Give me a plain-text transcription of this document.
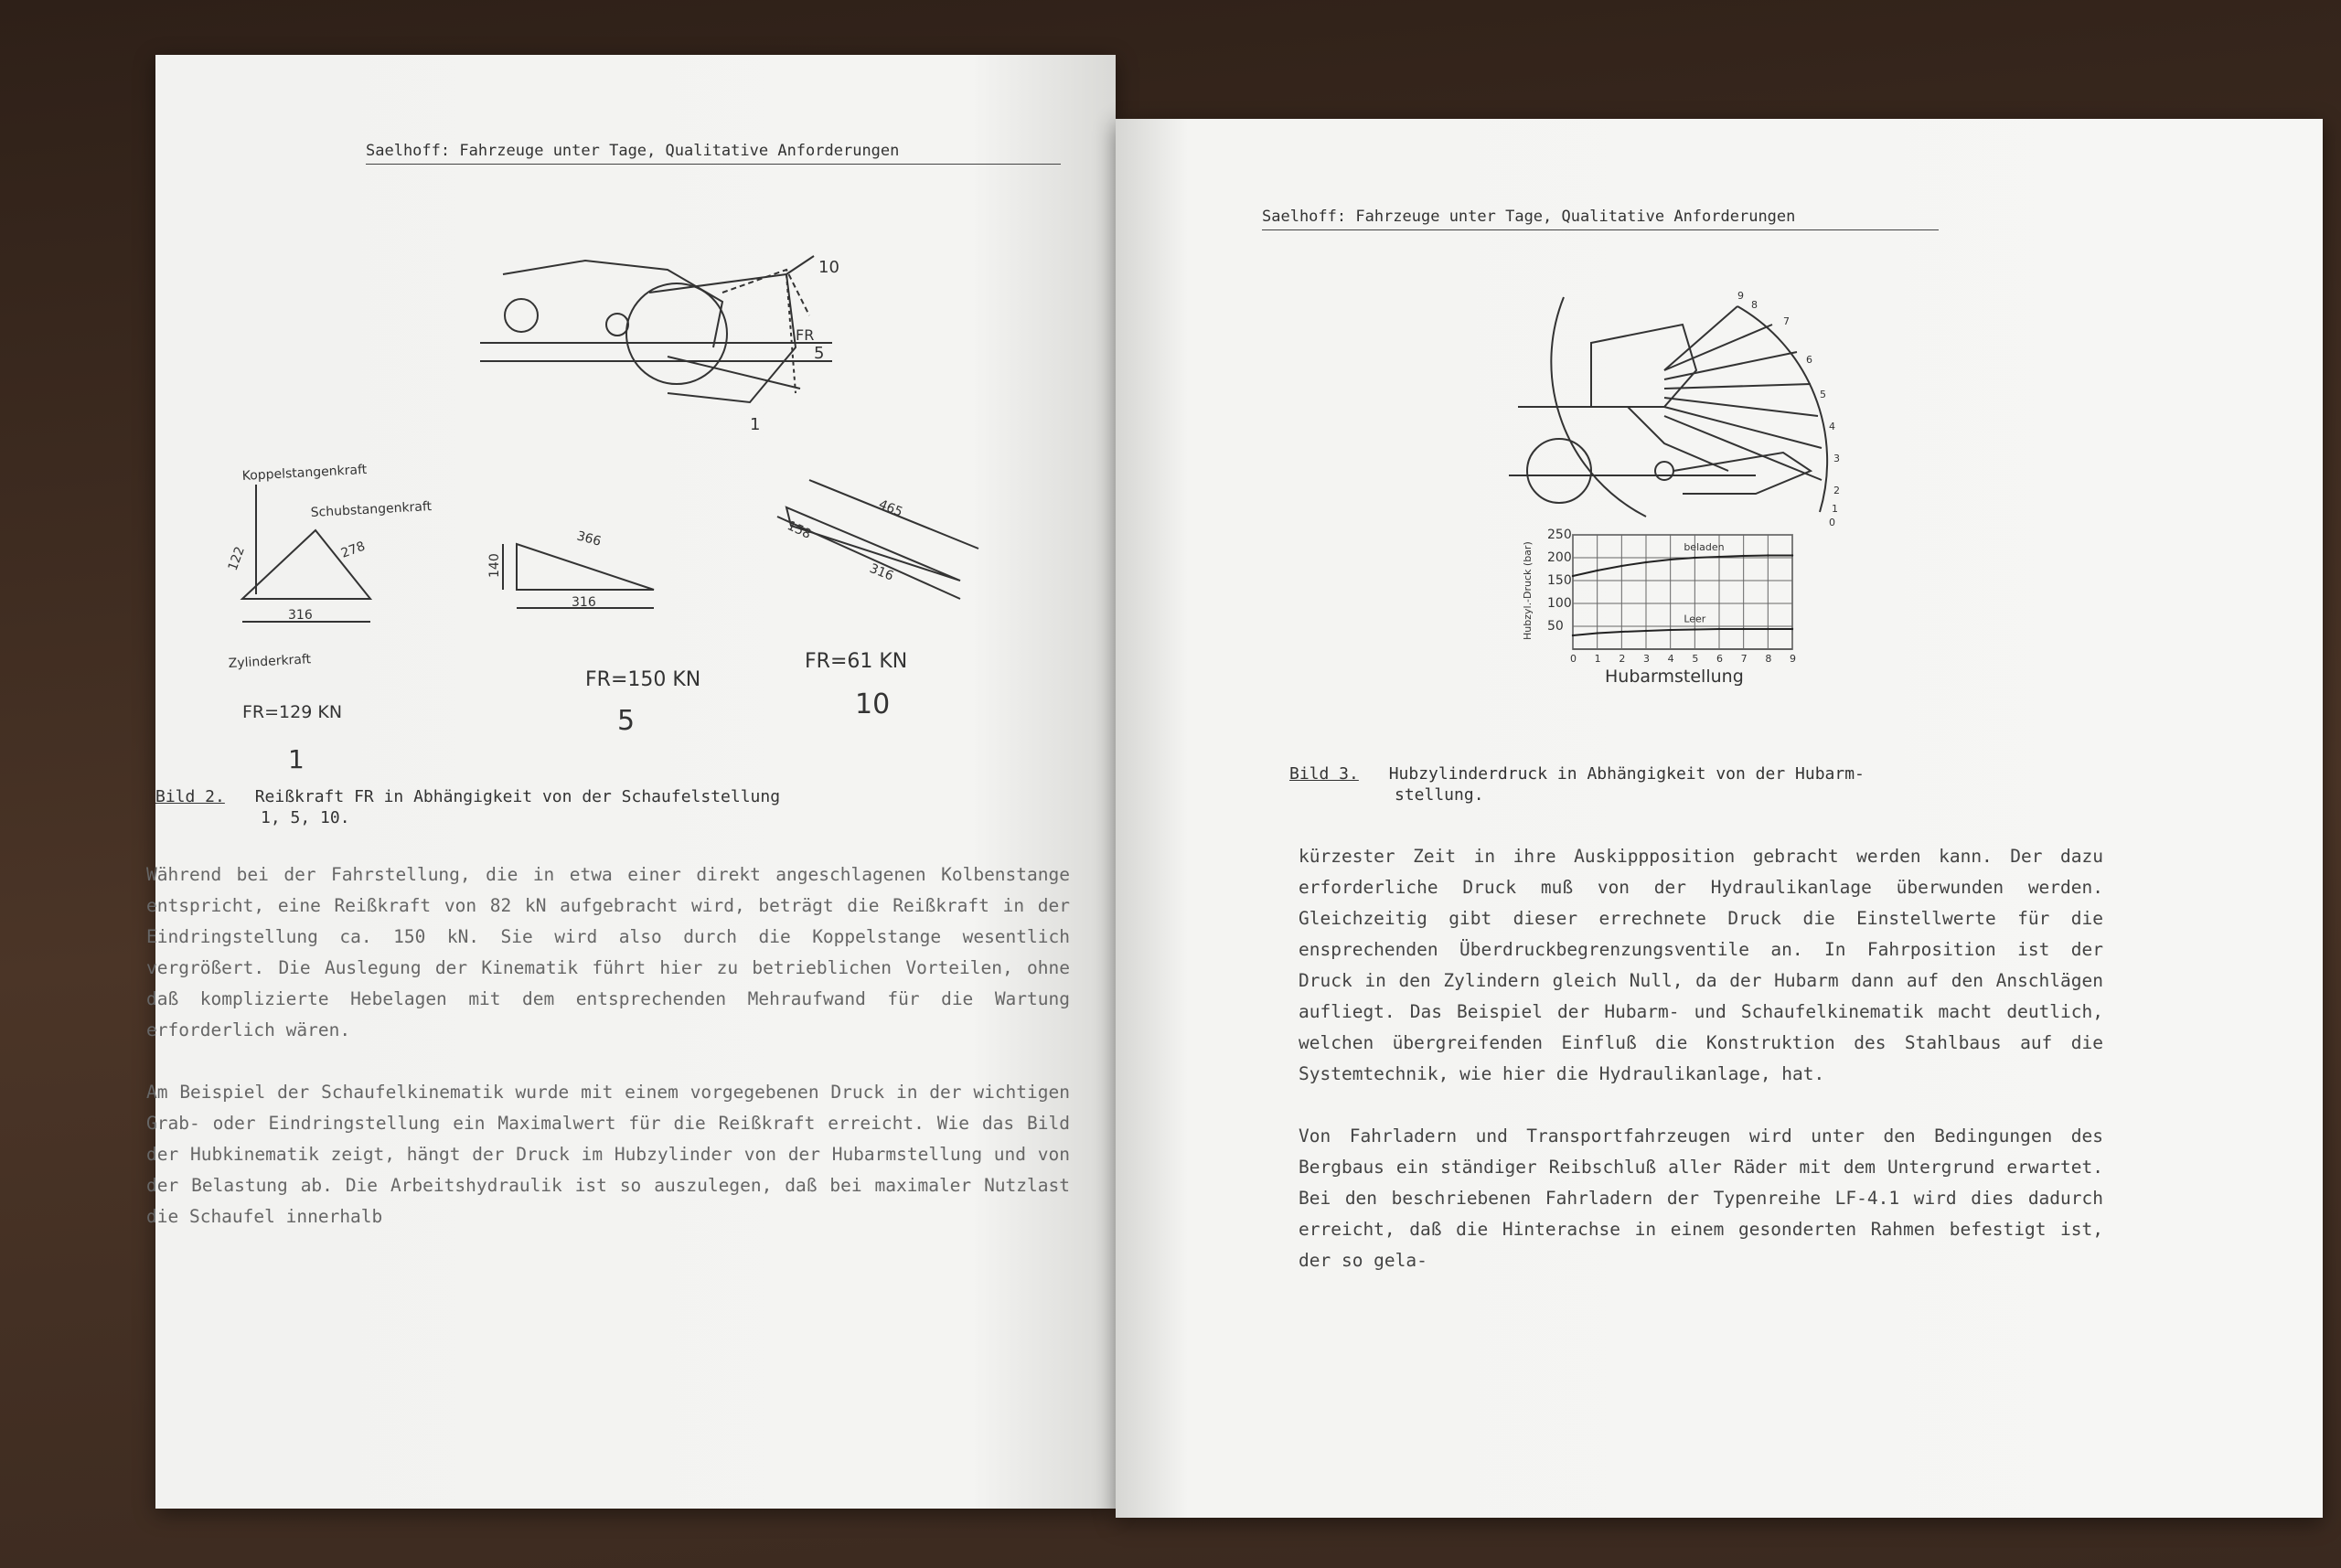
Saelhoff: Fahrzeuge unter Tage, Qualitative Anforderungen
FR
10
5
1
Koppelstangenkraft
Schubstangenkraft
Zylinderkraft
122	278
316
140
366
316
158
465
316
FR=129 KN
FR=150 KN
FR=61 KN
1
5
10
Bild 2. Reißkraft FR in Abhängigkeit von der Schaufelstellung
1, 5, 10.

Während bei der Fahrstellung, die in etwa einer direkt angeschlagenen Kolbenstange entspricht, eine Reißkraft von 82 kN aufgebracht wird, beträgt die Reißkraft in der Eindringstellung ca. 150 kN. Sie wird also durch die Koppelstange wesentlich vergrößert. Die Auslegung der Kinematik führt hier zu betrieblichen Vorteilen, ohne daß komplizierte Hebelagen mit dem entsprechenden Mehraufwand für die Wartung erforderlich wären.

Am Beispiel der Schaufelkinematik wurde mit einem vorgegebenen Druck in der wichtigen Grab- oder Eindringstellung ein Maximalwert für die Reißkraft erreicht. Wie das Bild der Hubkinematik zeigt, hängt der Druck im Hubzylinder von der Hubarmstellung und von der Belastung ab. Die Arbeitshydraulik ist so auszulegen, daß bei maximaler Nutzlast die Schaufel innerhalb

Saelhoff: Fahrzeuge unter Tage, Qualitative Anforderungen
9
8
7
6
5
4
3
2
1
0
0 1 2 3 4 5 6 7 8 9
50
100
150
200
250
beladen
Leer
Hubzyl.-Druck (bar)
Hubarmstellung
Bild 3. Hubzylinderdruck in Abhängigkeit von der Hubarm-
stellung.

kürzester Zeit in ihre Auskippposition gebracht werden kann. Der dazu erforderliche Druck muß von der Hydraulikanlage überwunden werden. Gleichzeitig gibt dieser errechnete Druck die Einstellwerte für die ensprechenden Überdruckbegrenzungsventile an. In Fahrposition ist der Druck in den Zylindern gleich Null, da der Hubarm dann auf den Anschlägen aufliegt. Das Beispiel der Hubarm- und Schaufelkinematik macht deutlich, welchen übergreifenden Einfluß die Konstruktion des Stahlbaus auf die Systemtechnik, wie hier die Hydraulikanlage, hat.

Von Fahrladern und Transportfahrzeugen wird unter den Bedingungen des Bergbaus ein ständiger Reibschluß aller Räder mit dem Untergrund erwartet. Bei den beschriebenen Fahrladern der Typenreihe LF-4.1 wird dies dadurch erreicht, daß die Hinterachse in einem gesonderten Rahmen befestigt ist, der so gela-
